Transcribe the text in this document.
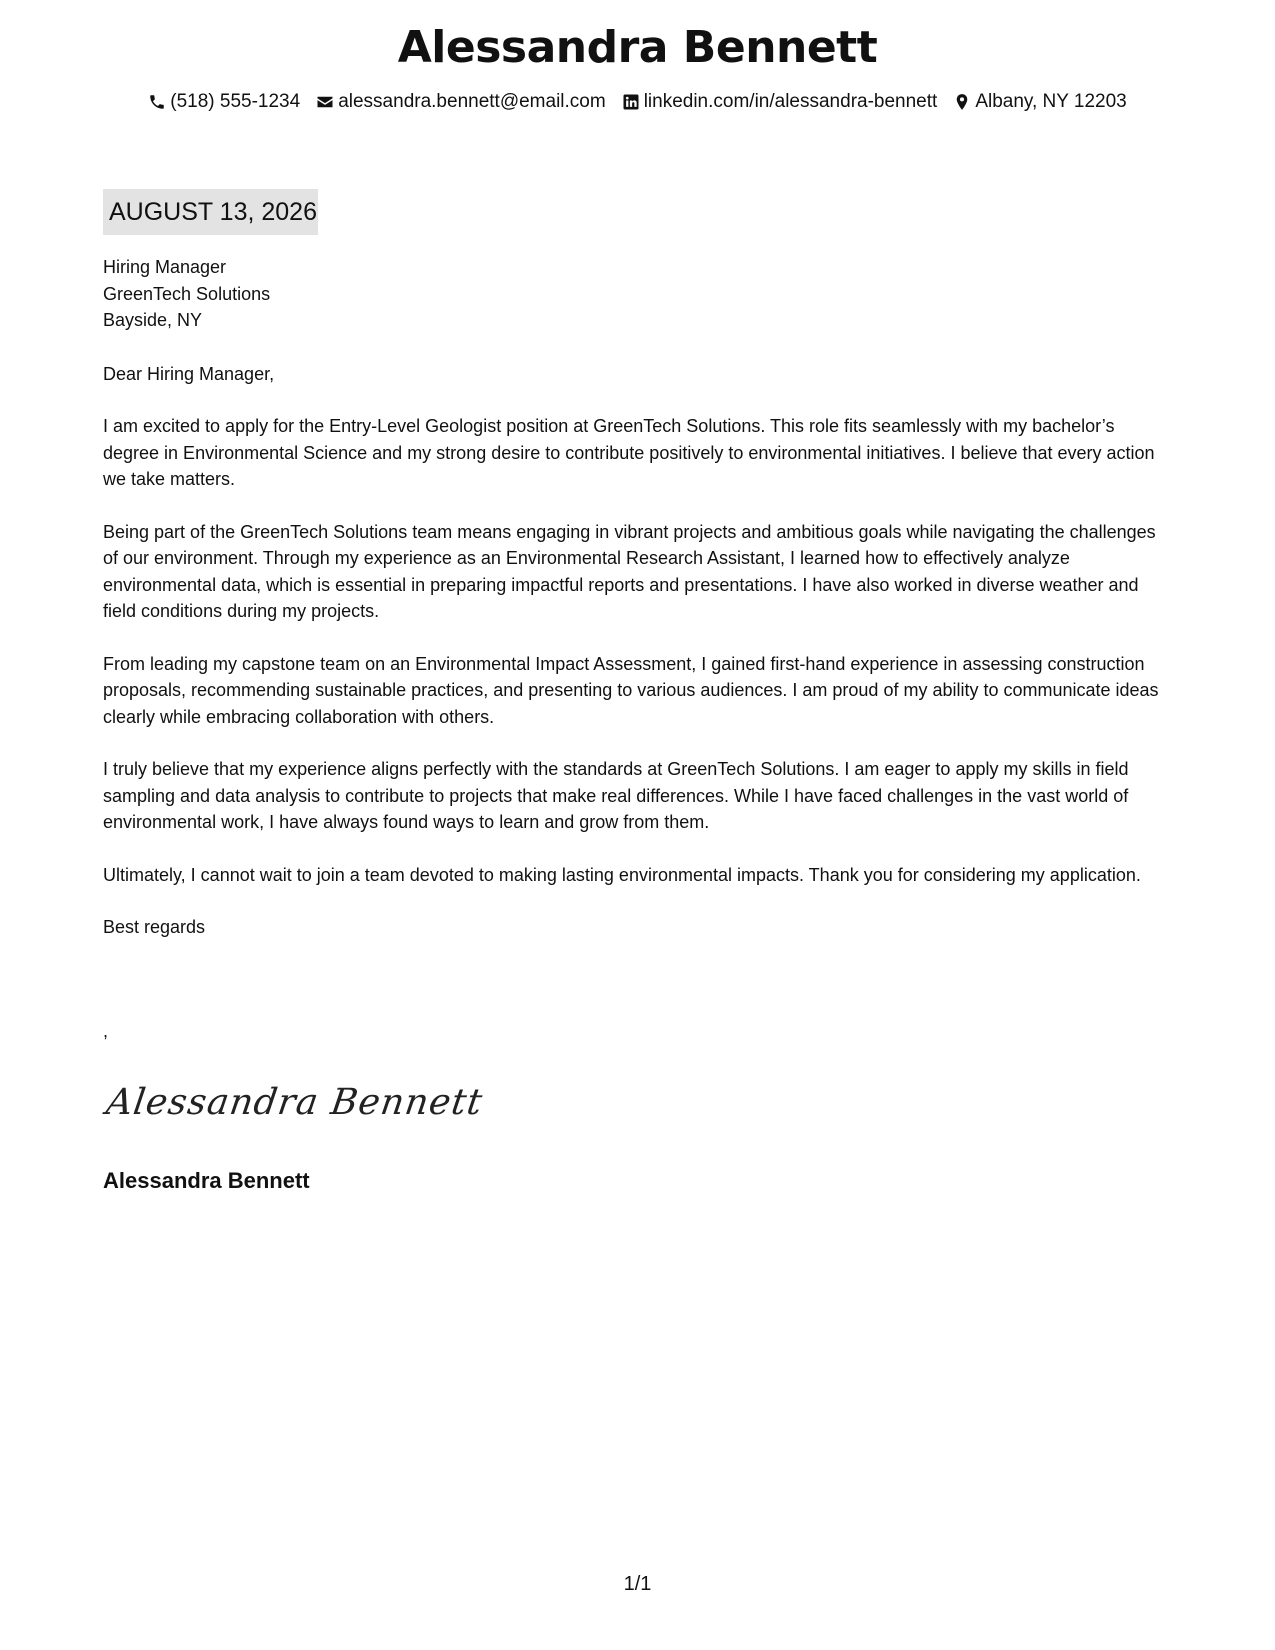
Alessandra Bennett
(518) 555-1234 alessandra.bennett@email.com linkedin.com/in/alessandra-bennett Albany, NY 12203
AUGUST 13, 2026

Hiring Manager

GreenTech Solutions

Bayside, NY

Dear Hiring Manager,

I am excited to apply for the Entry-Level Geologist position at GreenTech Solutions. This role fits seamlessly with my bachelor’s degree in Environmental Science and my strong desire to contribute positively to environmental initiatives. I believe that every action we take matters.

Being part of the GreenTech Solutions team means engaging in vibrant projects and ambitious goals while navigating the challenges of our environment. Through my experience as an Environmental Research Assistant, I learned how to effectively analyze environmental data, which is essential in preparing impactful reports and presentations. I have also worked in diverse weather and field conditions during my projects.

From leading my capstone team on an Environmental Impact Assessment, I gained first-hand experience in assessing construction proposals, recommending sustainable practices, and presenting to various audiences. I am proud of my ability to communicate ideas clearly while embracing collaboration with others.

I truly believe that my experience aligns perfectly with the standards at GreenTech Solutions. I am eager to apply my skills in field sampling and data analysis to contribute to projects that make real differences. While I have faced challenges in the vast world of environmental work, I have always found ways to learn and grow from them.

Ultimately, I cannot wait to join a team devoted to making lasting environmental impacts. Thank you for considering my application.

Best regards

,
Alessandra Bennett
Alessandra Bennett
1/1
